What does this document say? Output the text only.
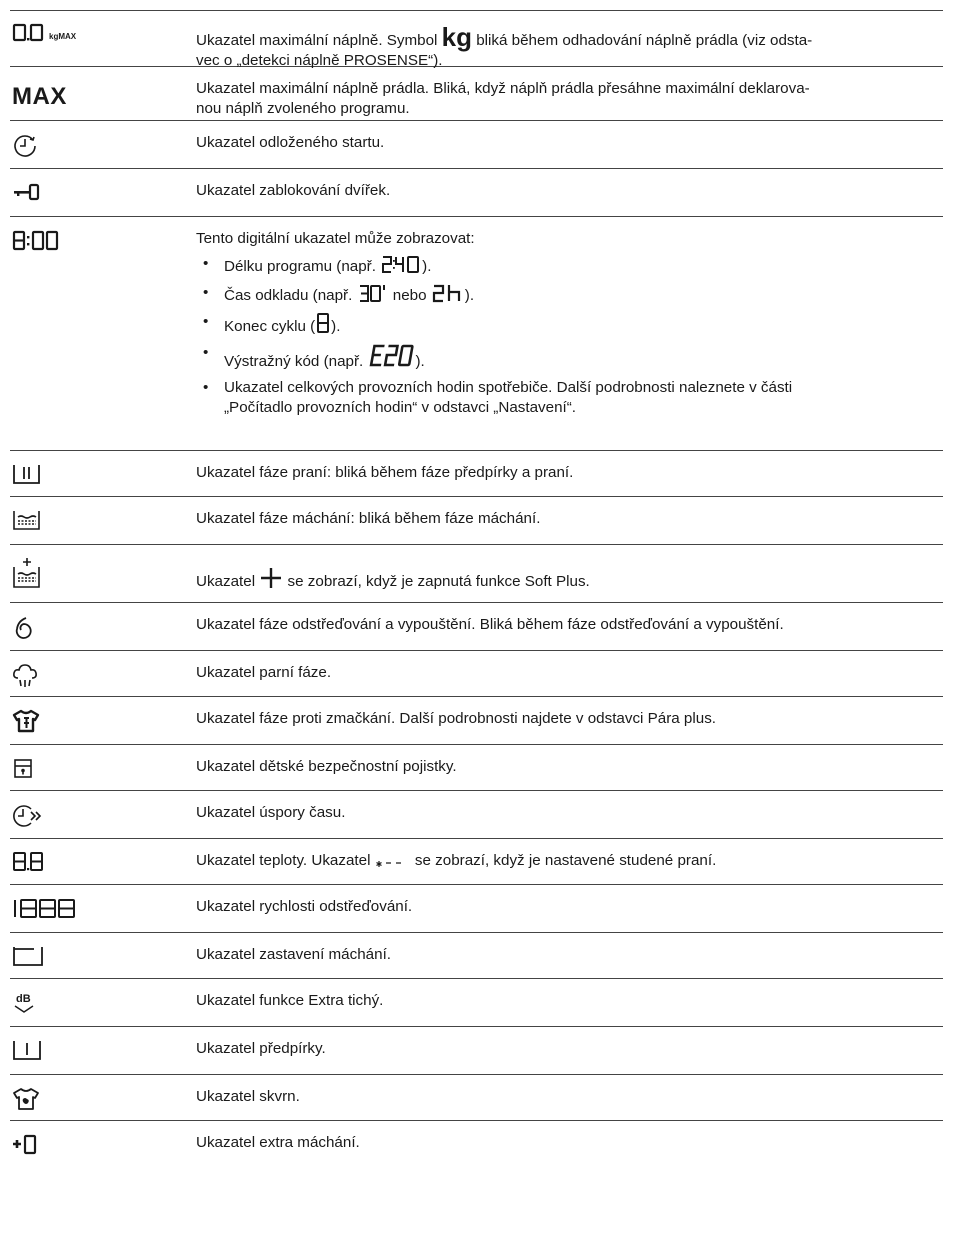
kgMAX	Ukazatel maximální náplně. Symbol kg bliká během odhadování náplně prádla (viz odsta-
vec o „detekci náplně PROSENSE“).
MAX	Ukazatel maximální náplně prádla. Bliká, když náplň prádla přesáhne maximální deklarova-
nou náplň zvoleného programu.
Ukazatel odloženého startu.
Ukazatel zablokování dvířek.
Tento digitální ukazatel může zobrazovat:
• Délku programu (např.	).
• Čas odkladu (např.  nebo ).
• Konec cyklu ( ).
• Výstražný kód (např.	).
• Ukazatel celkových provozních hodin spotřebiče. Další podrobnosti naleznete v části
„Počítadlo provozních hodin“ v odstavci „Nastavení“.
Ukazatel fáze praní: bliká během fáze předpírky a praní.
Ukazatel fáze máchání: bliká během fáze máchání.
Ukazatel  se zobrazí, když je zapnutá funkce Soft Plus.
Ukazatel fáze odstřeďování a vypouštění. Bliká během fáze odstřeďování a vypouštění.
Ukazatel parní fáze.
Ukazatel fáze proti zmačkání. Další podrobnosti najdete v odstavci Pára plus.
Ukazatel dětské bezpečnostní pojistky.
Ukazatel úspory času.
Ukazatel teploty. Ukazatel  se zobrazí, když je nastavené studené praní.
Ukazatel rychlosti odstřeďování.
Ukazatel zastavení máchání.
dB	Ukazatel funkce Extra tichý.
Ukazatel předpírky.
Ukazatel skvrn.
Ukazatel extra máchání.
